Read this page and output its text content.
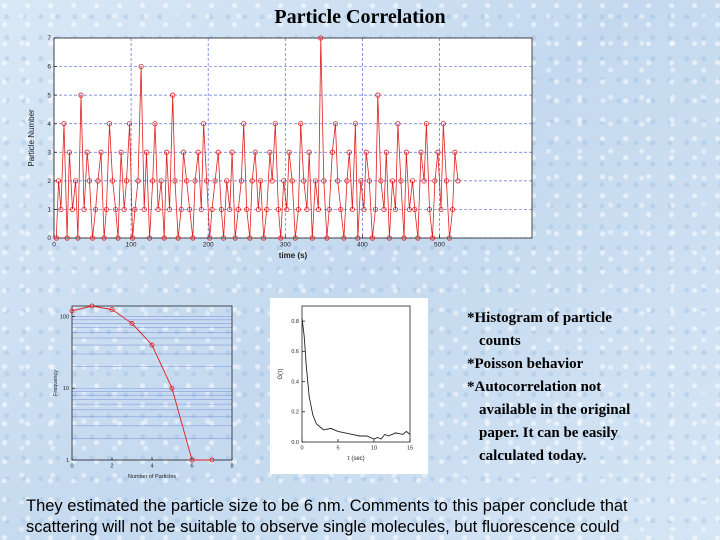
Particle Correlation
0	100	200	300	400	500
0
1
2
3
4
5
6
7
time (s)
Particle Number
0	2	4	6	8
1
10
100
Number of Particles
Frequency
0	5	10	15
0.0
0.2
0.4
0.6
0.8
τ (sec)
G(τ)
*Histogram of particle
counts
*Poisson behavior
*Autocorrelation not
available in the original
paper. It can be easily
calculated today.
They estimated the particle size to be 6 nm. Comments to this paper conclude that
scattering will not be suitable to observe single molecules, but fluorescence could
